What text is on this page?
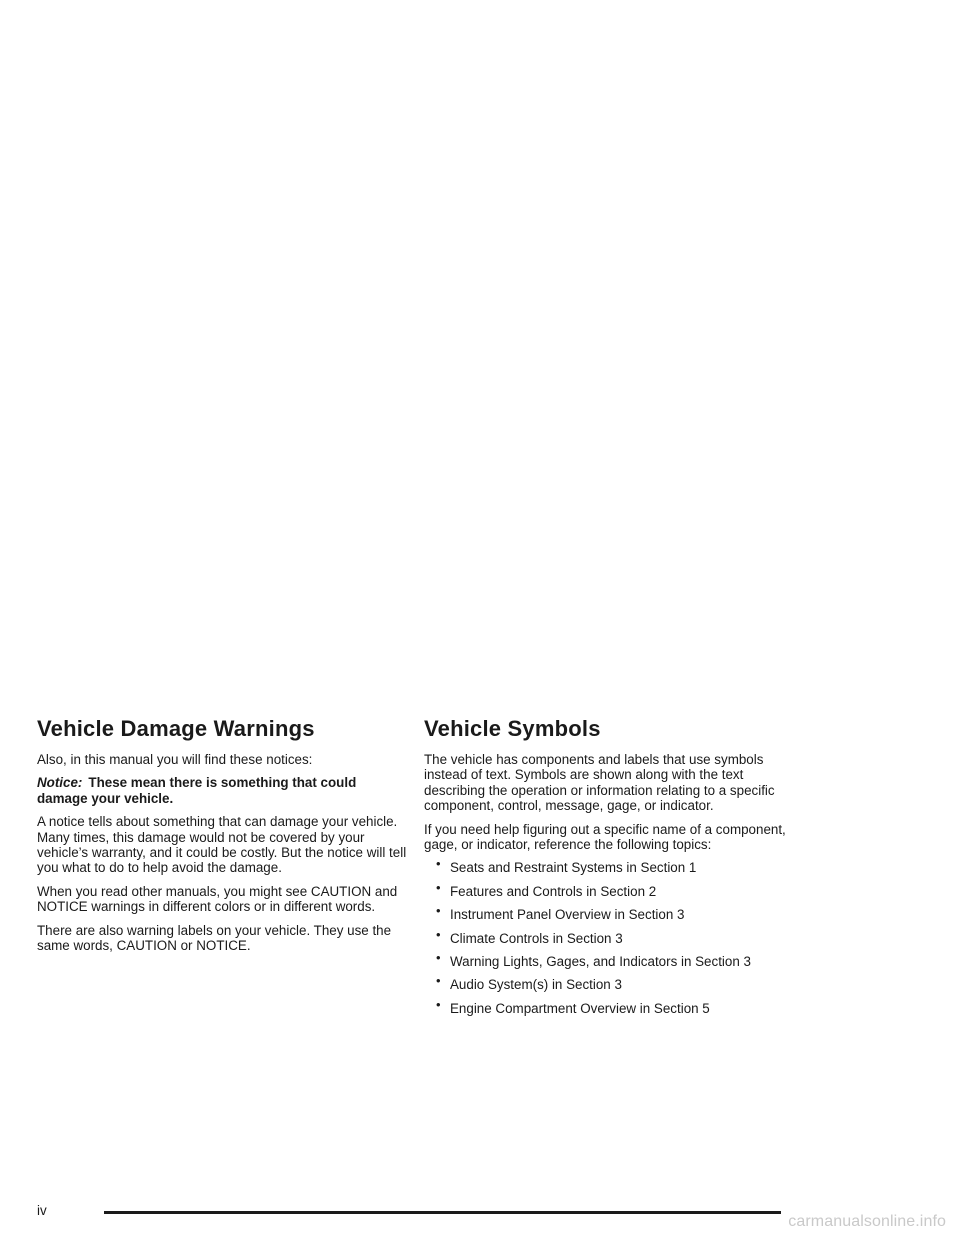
Vehicle Damage Warnings

Also, in this manual you will find these notices:

Notice: These mean there is something that could damage your vehicle.

A notice tells about something that can damage your vehicle. Many times, this damage would not be covered by your vehicle’s warranty, and it could be costly. But the notice will tell you what to do to help avoid the damage.

When you read other manuals, you might see CAUTION and NOTICE warnings in different colors or in different words.

There are also warning labels on your vehicle. They use the same words, CAUTION or NOTICE.

Vehicle Symbols

The vehicle has components and labels that use symbols instead of text. Symbols are shown along with the text describing the operation or information relating to a specific component, control, message, gage, or indicator.

If you need help figuring out a specific name of a component, gage, or indicator, reference the following topics:

• Seats and Restraint Systems in Section 1
• Features and Controls in Section 2
• Instrument Panel Overview in Section 3
• Climate Controls in Section 3
• Warning Lights, Gages, and Indicators in Section 3
• Audio System(s) in Section 3
• Engine Compartment Overview in Section 5
iv
carmanualsonline.info
